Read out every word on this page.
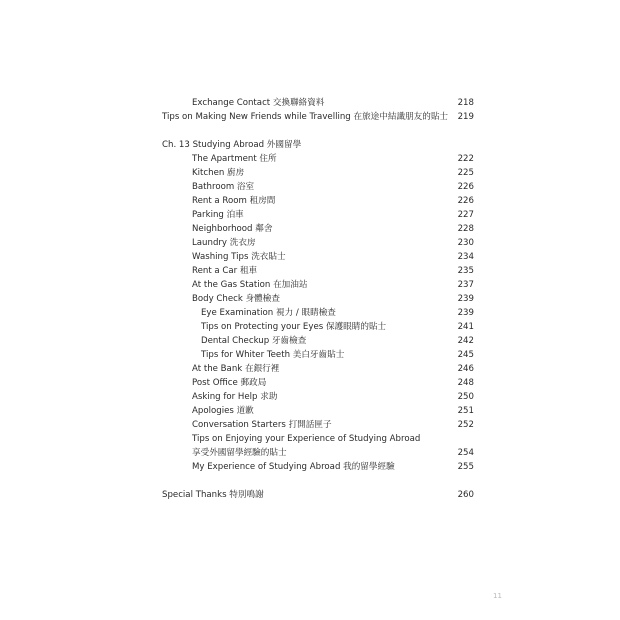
Exchange Contact 交換聯絡資料	218
Tips on Making New Friends while Travelling 在旅途中結識朋友的貼士 219
Ch. 13 Studying Abroad 外國留學
The Apartment 住所	222
Kitchen 廚房	225
Bathroom 浴室	226
Rent a Room 租房間	226
Parking 泊車	227
Neighborhood 鄰舍	228
Laundry 洗衣房	230
Washing Tips 洗衣貼士	234
Rent a Car 租車	235
At the Gas Station 在加油站	237
Body Check 身體檢查	239
Eye Examination 視力 / 眼睛檢查	239
Tips on Protecting your Eyes 保護眼睛的貼士	241
Dental Checkup 牙齒檢查	242
Tips for Whiter Teeth 美白牙齒貼士	245
At the Bank 在銀行裡	246
Post Office 郵政局	248
Asking for Help 求助	250
Apologies 道歉	251
Conversation Starters 打開話匣子	252
Tips on Enjoying your Experience of Studying Abroad
享受外國留學經驗的貼士	254
My Experience of Studying Abroad 我的留學經驗	255
Special Thanks 特別鳴謝	260
11
